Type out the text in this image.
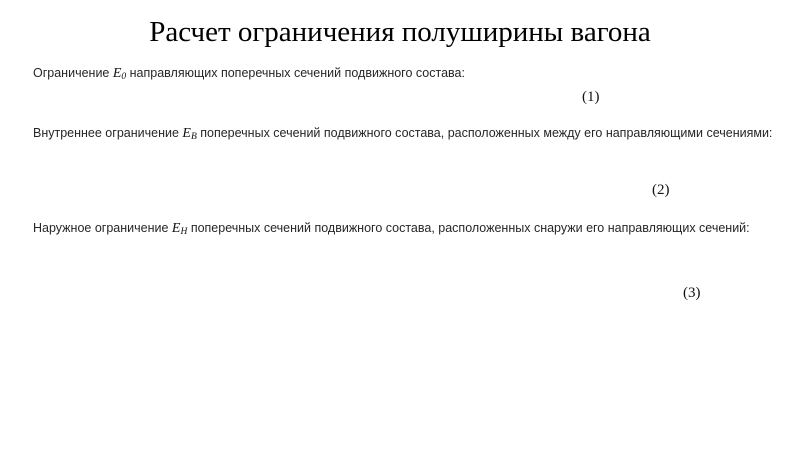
Расчет ограничения полуширины вагона
Ограничение $E_0$ направляющих поперечных сечений подвижного состава:
(1)
Внутреннее ограничение $E_В$ поперечных сечений подвижного состава, расположенных между его направляющими сечениями:
(2)
Наружное ограничение $E_Н$ поперечных сечений подвижного состава, расположенных снаружи его направляющих сечений:
(3)
